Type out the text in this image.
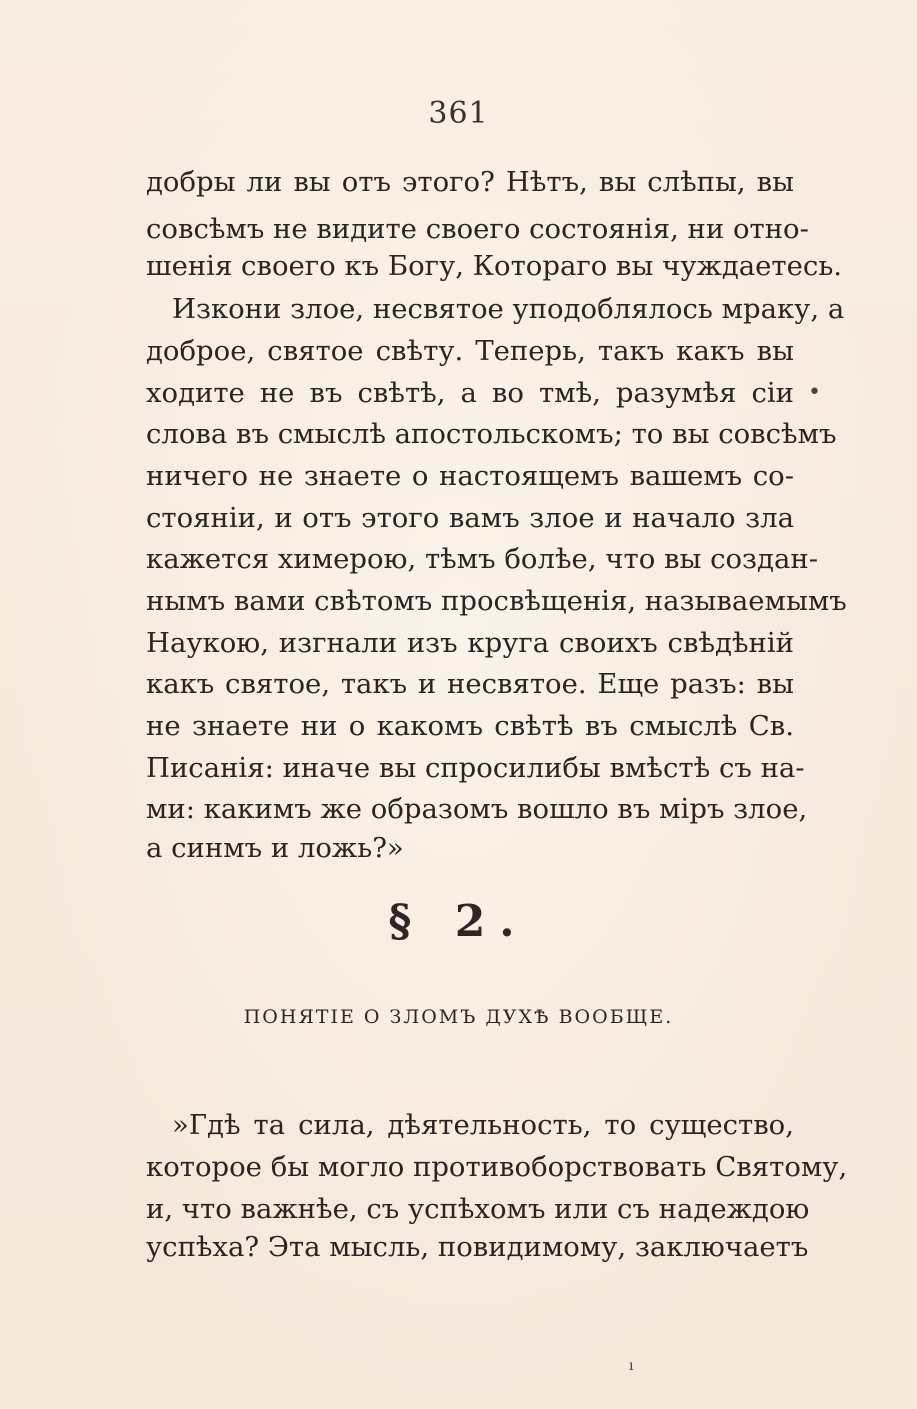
361
добры ли вы отъ этого? Нѣтъ, вы слѣпы, вы
совсѣмъ не видите своего состоянія, ни отно-
шенія своего къ Богу, Котораго вы чуждаетесь.
Изкони злое, несвятое уподоблялось мраку, а
доброе, святое свѣту. Теперь, такъ какъ вы
ходите не въ свѣтѣ, а во тмѣ, разумѣя сіи
слова въ смыслѣ апостольскомъ; то вы совсѣмъ
ничего не знаете о настоящемъ вашемъ со-
стояніи, и отъ этого вамъ злое и начало зла
кажется химерою, тѣмъ болѣе, что вы создан-
нымъ вами свѣтомъ просвѣщенія, называемымъ
Наукою, изгнали изъ круга своихъ свѣдѣній
какъ святое, такъ и несвятое. Еще разъ: вы
не знаете ни о какомъ свѣтѣ въ смыслѣ Св.
Писанія: иначе вы спросилибы вмѣстѣ съ на-
ми: какимъ же образомъ вошло въ міръ злое,
а синмъ и ложь?»
§ 2.
ПОНЯТІЕ О ЗЛОМЪ ДУХѢ ВООБЩЕ.
»Гдѣ та сила, дѣятельность, то существо,
которое бы могло противоборствовать Святому,
и, что важнѣе, съ успѣхомъ или съ надеждою
успѣха? Эта мысль, повидимому, заключаетъ
•
ı
